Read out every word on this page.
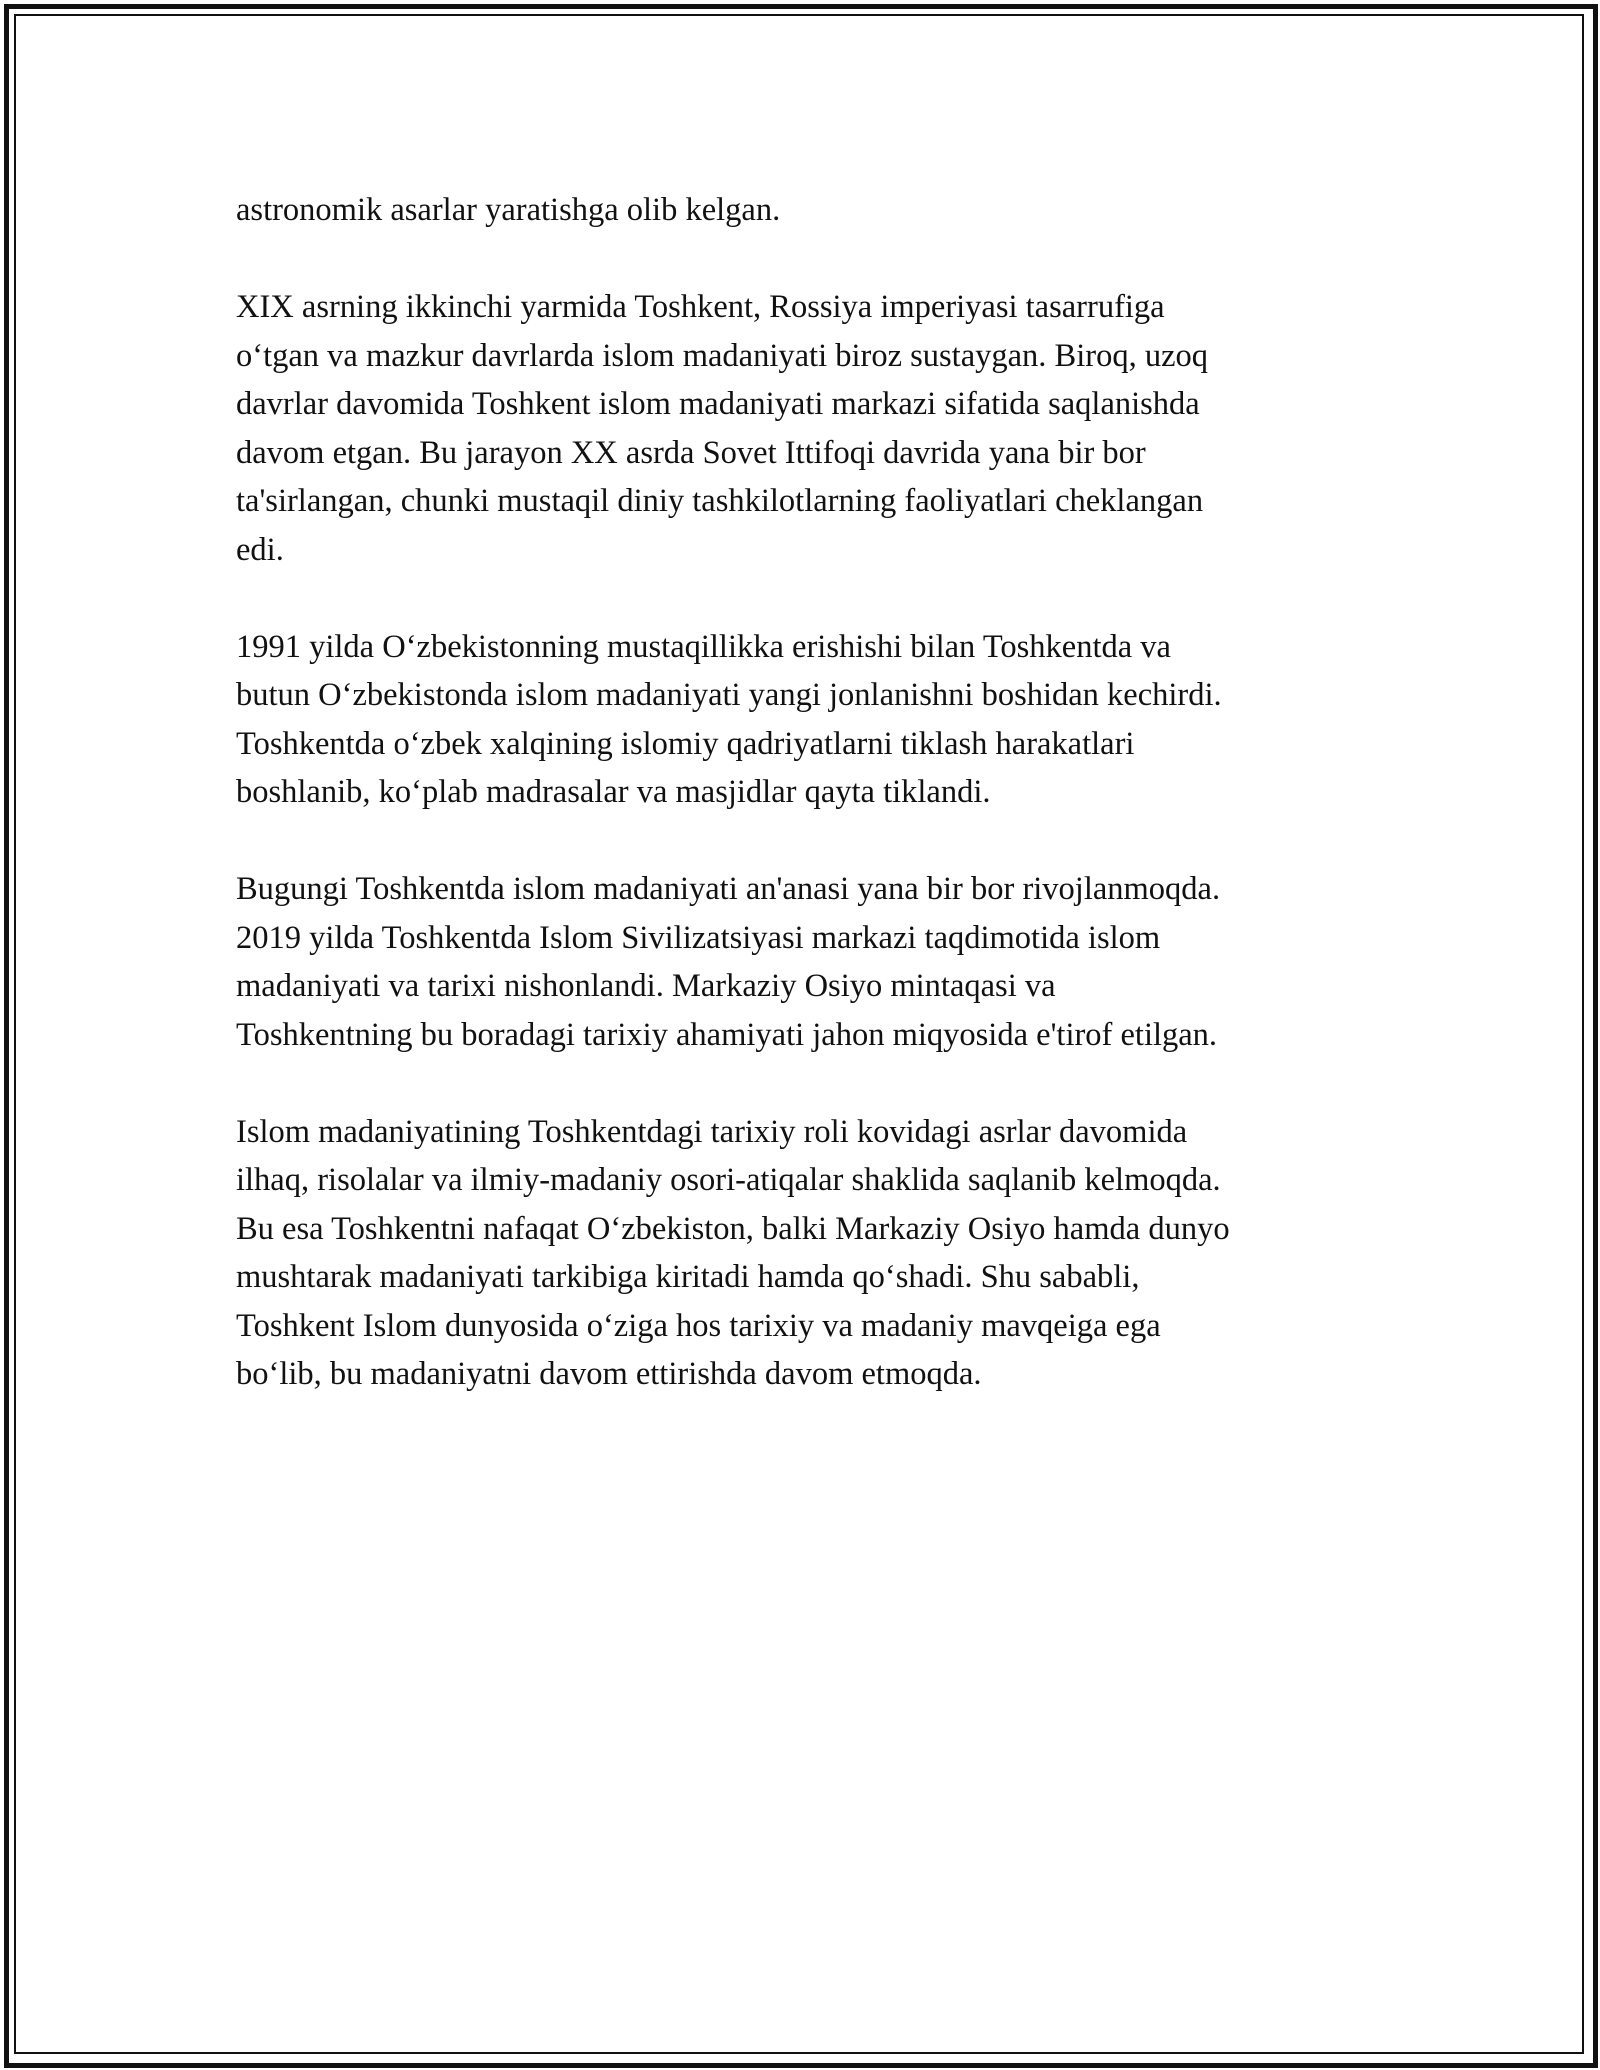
astronomik asarlar yaratishga olib kelgan.

XIX asrning ikkinchi yarmida Toshkent, Rossiya imperiyasi tasarrufiga
o‘tgan va mazkur davrlarda islom madaniyati biroz sustaygan. Biroq, uzoq
davrlar davomida Toshkent islom madaniyati markazi sifatida saqlanishda
davom etgan. Bu jarayon XX asrda Sovet Ittifoqi davrida yana bir bor
ta'sirlangan, chunki mustaqil diniy tashkilotlarning faoliyatlari cheklangan
edi.

1991 yilda O‘zbekistonning mustaqillikka erishishi bilan Toshkentda va
butun O‘zbekistonda islom madaniyati yangi jonlanishni boshidan kechirdi.
Toshkentda o‘zbek xalqining islomiy qadriyatlarni tiklash harakatlari
boshlanib, ko‘plab madrasalar va masjidlar qayta tiklandi.

Bugungi Toshkentda islom madaniyati an'anasi yana bir bor rivojlanmoqda.
2019 yilda Toshkentda Islom Sivilizatsiyasi markazi taqdimotida islom
madaniyati va tarixi nishonlandi. Markaziy Osiyo mintaqasi va
Toshkentning bu boradagi tarixiy ahamiyati jahon miqyosida e'tirof etilgan.

Islom madaniyatining Toshkentdagi tarixiy roli kovidagi asrlar davomida
ilhaq, risolalar va ilmiy-madaniy osori-atiqalar shaklida saqlanib kelmoqda.
Bu esa Toshkentni nafaqat O‘zbekiston, balki Markaziy Osiyo hamda dunyo
mushtarak madaniyati tarkibiga kiritadi hamda qo‘shadi. Shu sababli,
Toshkent Islom dunyosida o‘ziga hos tarixiy va madaniy mavqeiga ega
bo‘lib, bu madaniyatni davom ettirishda davom etmoqda.
